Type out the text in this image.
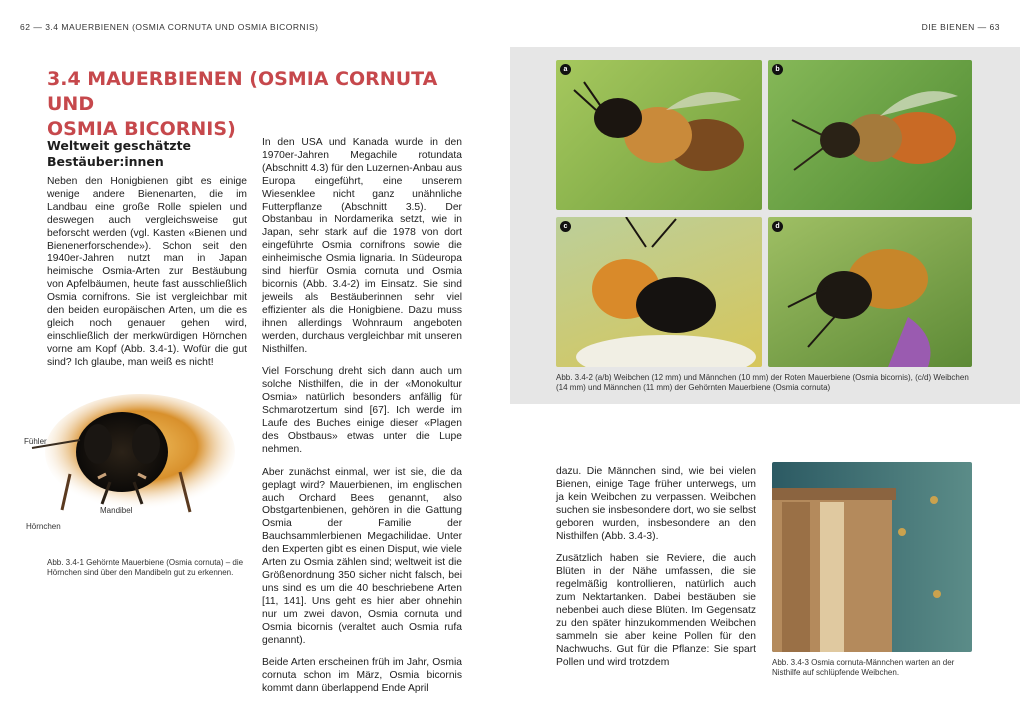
62 — 3.4 MAUERBIENEN (OSMIA CORNUTA UND OSMIA BICORNIS)	DIE BIENEN — 63
3.4 MAUERBIENEN (OSMIA CORNUTA UND
OSMIA BICORNIS)
Weltweit geschätzte Bestäuber:innen
Neben den Honigbienen gibt es einige wenige andere Bienenarten, die im Landbau eine große Rolle spielen und deswegen auch vergleichsweise gut beforscht werden (vgl. Kasten «Bienen und Bienenerforschende»). Schon seit den 1940er-Jahren nutzt man in Japan heimische Osmia-Arten zur Bestäubung von Apfelbäumen, heute fast ausschließlich Osmia cornifrons. Sie ist vergleichbar mit den beiden europäischen Arten, um die es gleich noch genauer gehen wird, einschließlich der merkwürdigen Hörnchen vorne am Kopf (Abb. 3.4-1). Wofür die gut sind? Ich glaube, man weiß es nicht!
Fühler
Hörnchen
Mandibel
Abb. 3.4-1 Gehörnte Mauerbiene (Osmia cornuta) – die Hörnchen sind über den Mandibeln gut zu erkennen.

In den USA und Kanada wurde in den 1970er-Jahren Megachile rotundata (Abschnitt 4.3) für den Luzernen-Anbau aus Europa eingeführt, eine unserem Wiesenklee nicht ganz unähnliche Futterpflanze (Abschnitt 3.5). Der Obstanbau in Nordamerika setzt, wie in Japan, sehr stark auf die 1978 von dort eingeführte Osmia cornifrons sowie die einheimische Osmia lignaria. In Südeuropa sind hierfür Osmia cornuta und Osmia bicornis (Abb. 3.4-2) im Einsatz. Sie sind jeweils als Bestäuberinnen sehr viel effizienter als die Honigbiene. Dazu muss ihnen allerdings Wohnraum angeboten werden, durchaus vergleichbar mit unseren Nisthilfen.

Viel Forschung dreht sich dann auch um solche Nisthilfen, die in der «Monokultur Osmia» natürlich besonders anfällig für Schmarotzertum sind [67]. Ich werde im Laufe des Buches einige dieser «Plagen des Obstbaus» etwas unter die Lupe nehmen.

Aber zunächst einmal, wer ist sie, die da geplagt wird? Mauerbienen, im englischen auch Orchard Bees genannt, also Obstgartenbienen, gehören in die Gattung Osmia der Familie der Bauchsammlerbienen Megachilidae. Unter den Experten gibt es einen Disput, wie viele Arten zu Osmia zählen sind; weltweit ist die Größenordnung 350 sicher nicht falsch, bei uns sind es um die 40 beschriebene Arten [11, 141]. Uns geht es hier aber ohnehin nur um zwei davon, Osmia cornuta und Osmia bicornis (veraltet auch Osmia rufa genannt).

Beide Arten erscheinen früh im Jahr, Osmia cornuta schon im März, Osmia bicornis kommt dann überlappend Ende April

a	b
c	d
Abb. 3.4-2 (a/b) Weibchen (12 mm) und Männchen (10 mm) der Roten Mauerbiene (Osmia bicornis), (c/d) Weibchen (14 mm) und Männchen (11 mm) der Gehörnten Mauerbiene (Osmia cornuta)

dazu. Die Männchen sind, wie bei vielen Bienen, einige Tage früher unterwegs, um ja kein Weibchen zu verpassen. Weibchen suchen sie insbesondere dort, wo sie selbst geboren wurden, insbesondere an den Nisthilfen (Abb. 3.4-3).

Zusätzlich haben sie Reviere, die auch Blüten in der Nähe umfassen, die sie regelmäßig kontrollieren, natürlich auch zum Nektartanken. Dabei bestäuben sie nebenbei auch diese Blüten. Im Gegensatz zu den später hinzukommenden Weibchen sammeln sie aber keine Pollen für den Nachwuchs. Gut für die Pflanze: Sie spart Pollen und wird trotzdem	Abb. 3.4-3 Osmia cornuta-Männchen warten an der Nisthilfe auf schlüpfende Weibchen.
